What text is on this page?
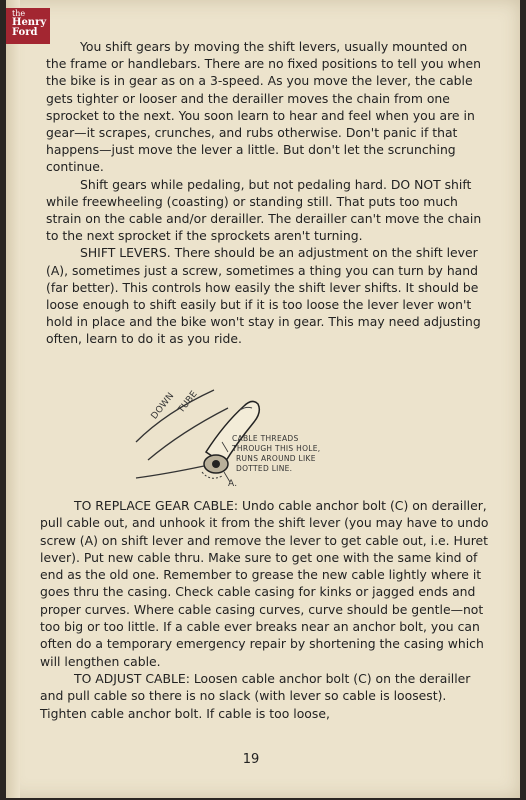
the
Henry
Ford

You shift gears by moving the shift levers, usually mounted on the frame or handlebars. There are no fixed positions to tell you when the bike is in gear as on a 3-speed. As you move the lever, the cable gets tighter or looser and the derailler moves the chain from one sprocket to the next. You soon learn to hear and feel when you are in gear—it scrapes, crunches, and rubs otherwise. Don't panic if that happens—just move the lever a little. But don't let the scrunching continue.

Shift gears while pedaling, but not pedaling hard. DO NOT shift while freewheeling (coasting) or standing still. That puts too much strain on the cable and/or derailler. The derailler can't move the chain to the next sprocket if the sprockets aren't turning.

SHIFT LEVERS. There should be an adjustment on the shift lever (A), sometimes just a screw, sometimes a thing you can turn by hand (far better). This controls how easily the shift lever shifts. It should be loose enough to shift easily but if it is too loose the lever lever won't hold in place and the bike won't stay in gear. This may need adjusting often, learn to do it as you ride.

DOWN TUBE
CABLE THREADS
THROUGH THIS HOLE,
RUNS AROUND LIKE
DOTTED LINE.
A.

TO REPLACE GEAR CABLE: Undo cable anchor bolt (C) on derailler, pull cable out, and unhook it from the shift lever (you may have to undo screw (A) on shift lever and remove the lever to get cable out, i.e. Huret lever). Put new cable thru. Make sure to get one with the same kind of end as the old one. Remember to grease the new cable lightly where it goes thru the casing. Check cable casing for kinks or jagged ends and proper curves. Where cable casing curves, curve should be gentle—not too big or too little. If a cable ever breaks near an anchor bolt, you can often do a temporary emergency repair by shortening the casing which will lengthen cable.

TO ADJUST CABLE: Loosen cable anchor bolt (C) on the derailler and pull cable so there is no slack (with lever so cable is loosest). Tighten cable anchor bolt. If cable is too loose,

19
